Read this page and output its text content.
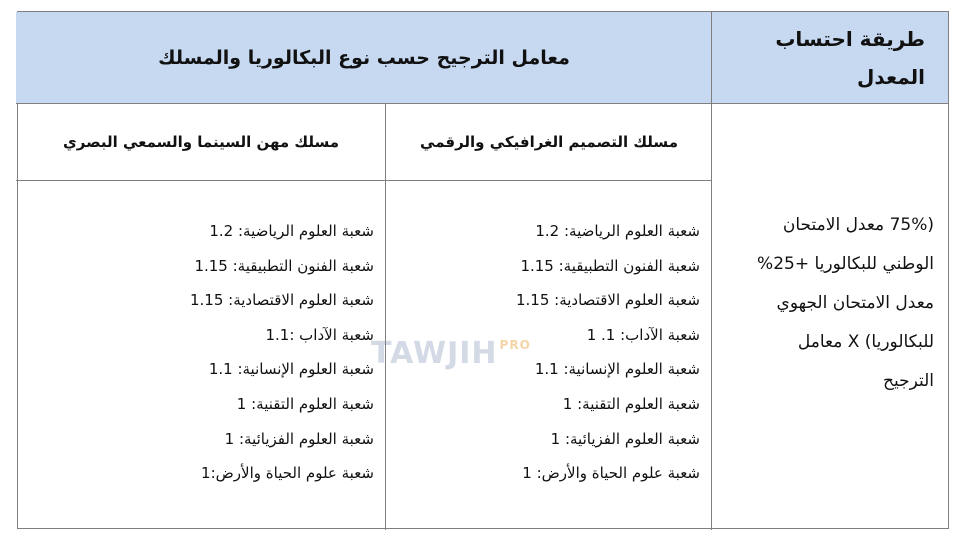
طريقة احتساب
المعدل
معامل الترجيح حسب نوع البكالوريا والمسلك
مسلك التصميم الغرافيكي والرقمي
مسلك مهن السينما والسمعي البصري
(75% معدل الامتحان
الوطني للبكالوريا +25%
معدل الامتحان الجهوي
للبكالوريا) X معامل
الترجيح
شعبة العلوم الرياضية: 1.2
شعبة الفنون التطبيقية: 1.15
شعبة العلوم الاقتصادية: 1.15
شعبة الآداب: 1. 1
شعبة العلوم الإنسانية: 1.1
شعبة العلوم التقنية: 1
شعبة العلوم الفزيائية: 1
شعبة علوم الحياة والأرض: 1
شعبة العلوم الرياضية: 1.2
شعبة الفنون التطبيقية: 1.15
شعبة العلوم الاقتصادية: 1.15
شعبة الآداب :1.1
شعبة العلوم الإنسانية: 1.1
شعبة العلوم التقنية: 1
شعبة العلوم الفزيائية: 1
شعبة علوم الحياة والأرض:1
TAWJIH $^{PRO}$
